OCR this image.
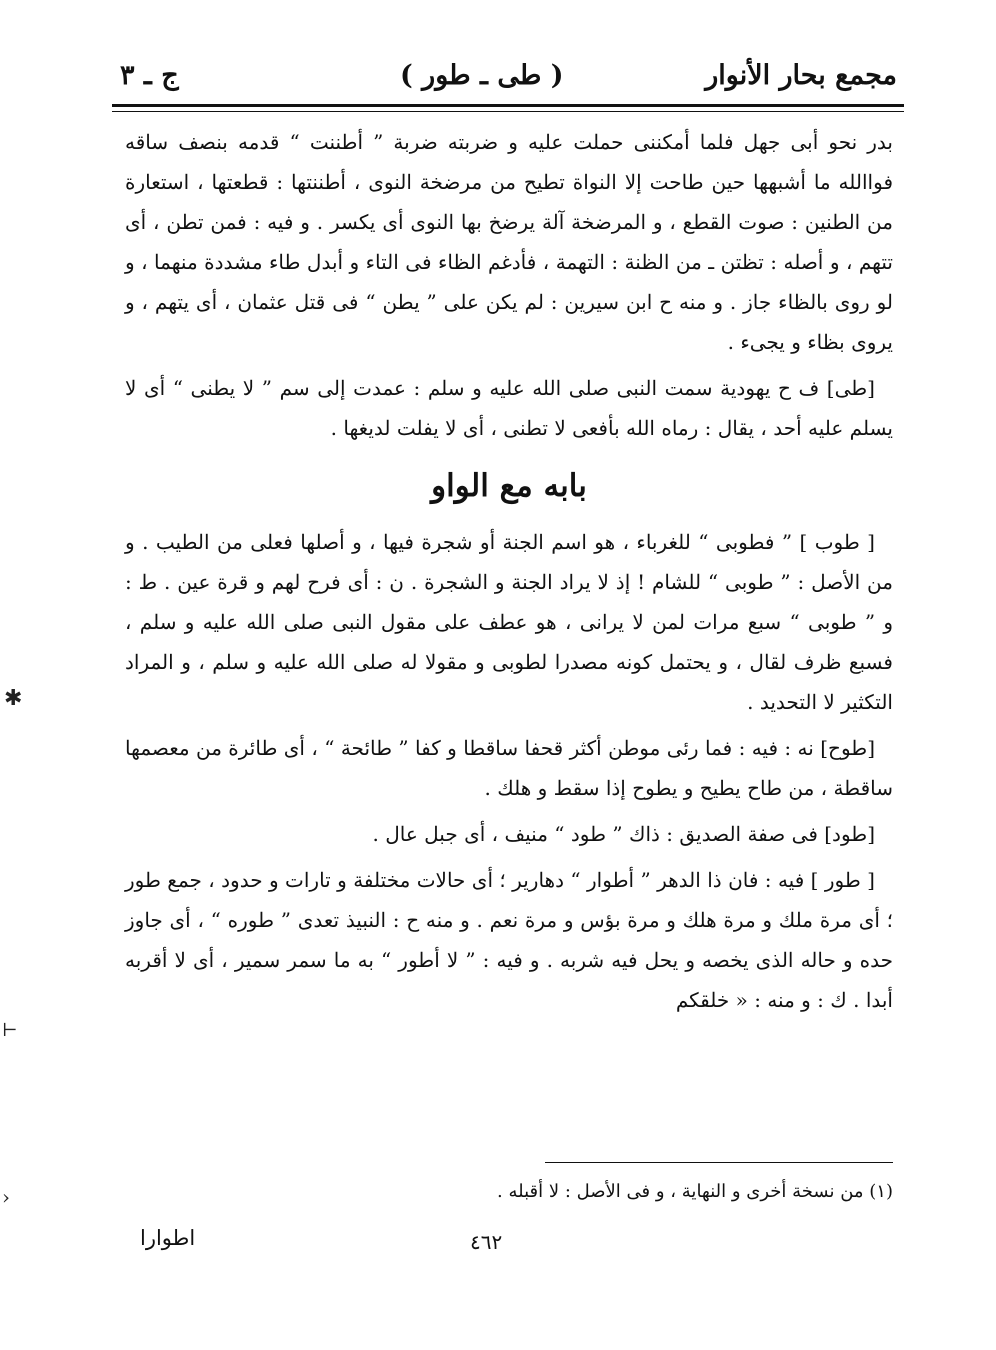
مجمع بحار الأنوار
( طى ـ طور )
ج ـ ٣

بدر نحو أبى جهل فلما أمكننى حملت عليه و ضربته ضربة ” أطننت “ قدمه بنصف ساقه فواالله ما أشبهها حين طاحت إلا النواة تطيح من مرضخة النوى ، أطننتها : قطعتها ، استعارة من الطنين : صوت القطع ، و المرضخة آلة يرضخ بها النوى أى يكسر . و فيه : فمن تطن ، أى تتهم ، و أصله : تظتن ـ من الظنة : التهمة ، فأدغم الظاء فى التاء و أبدل طاء مشددة منهما ، و لو روى بالظاء جاز . و منه ح ابن سيرين : لم يكن على ” يطن “ فى قتل عثمان ، أى يتهم ، و يروى بظاء و يجىء .

[طى] ف ح يهودية سمت النبى صلى الله عليه و سلم : عمدت إلى سم ” لا يطنى “ أى لا يسلم عليه أحد ، يقال : رماه الله بأفعى لا تطنى ، أى لا يفلت لديغها .

بابه مع الواو

[ طوب ] ” فطوبى “ للغرباء ، هو اسم الجنة أو شجرة فيها ، و أصلها فعلى من الطيب . و من الأصل : ” طوبى “ للشام ! إذ لا يراد الجنة و الشجرة . ن : أى فرح لهم و قرة عين . ط : و ” طوبى “ سبع مرات لمن لا يرانى ، هو عطف على مقول النبى صلى الله عليه و سلم ، فسبع ظرف لقال ، و يحتمل كونه مصدرا لطوبى و مقولا له صلى الله عليه و سلم ، و المراد التكثير لا التحديد .

[طوح] نه : فيه : فما رئى موطن أكثر قحفا ساقطا و كفا ” طائحة “ ، أى طائرة من معصمها ساقطة ، من طاح يطيح و يطوح إذا سقط و هلك .

[طود] فى صفة الصديق : ذاك ” طود “ منيف ، أى جبل عال .

[ طور ] فيه : فان ذا الدهر ” أطوار “ دهارير ؛ أى حالات مختلفة و تارات و حدود ، جمع طور ؛ أى مرة ملك و مرة هلك و مرة بؤس و مرة نعم . و منه ح : النبيذ تعدى ” طوره “ ، أى جاوز حده و حاله الذى يخصه و يحل فيه شربه . و فيه : ” لا أطور “ به ما سمر سمير ، أى لا أقربه أبدا . ك : و منه : « خلقكم

(١) من نسخة أخرى و النهاية ، و فى الأصل : لا أقبله .
٤٦٢
اطوارا
✱
⊢
›
